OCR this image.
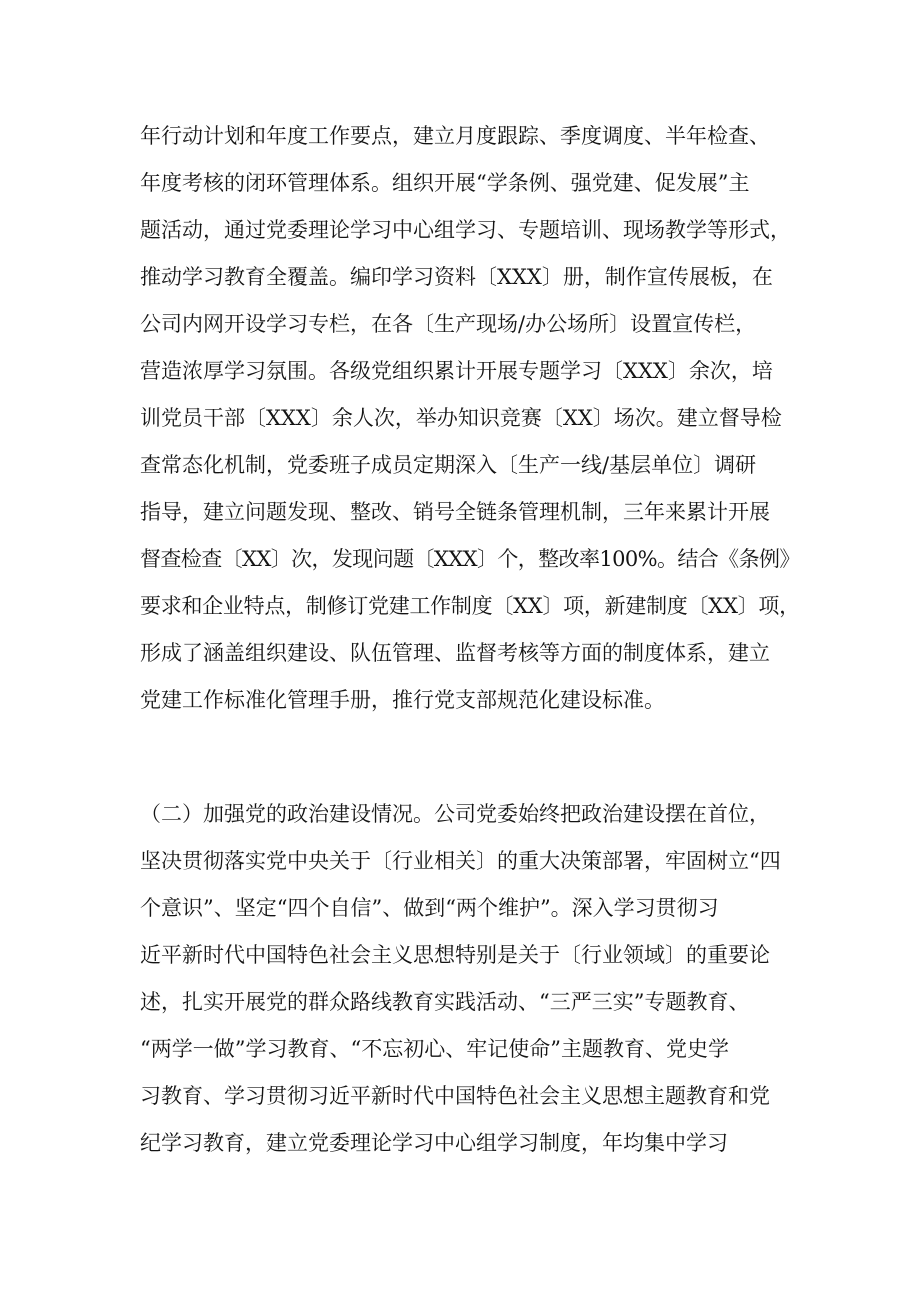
年行动计划和年度工作要点，建立月度跟踪、季度调度、半年检查、
年度考核的闭环管理体系。组织开展“学条例、强党建、促发展”主
题活动，通过党委理论学习中心组学习、专题培训、现场教学等形式，
推动学习教育全覆盖。编印学习资料〔XXX〕册，制作宣传展板，在
公司内网开设学习专栏，在各〔生产现场/办公场所〕设置宣传栏，
营造浓厚学习氛围。各级党组织累计开展专题学习〔XXX〕余次，培
训党员干部〔XXX〕余人次，举办知识竞赛〔XX〕场次。建立督导检
查常态化机制，党委班子成员定期深入〔生产一线/基层单位〕调研
指导，建立问题发现、整改、销号全链条管理机制，三年来累计开展
督查检查〔XX〕次，发现问题〔XXX〕个，整改率100%。结合《条例》
要求和企业特点，制修订党建工作制度〔XX〕项，新建制度〔XX〕项，
形成了涵盖组织建设、队伍管理、监督考核等方面的制度体系，建立
党建工作标准化管理手册，推行党支部规范化建设标准。
（二）加强党的政治建设情况。公司党委始终把政治建设摆在首位，
坚决贯彻落实党中央关于〔行业相关〕的重大决策部署，牢固树立“四
个意识”、坚定“四个自信”、做到“两个维护”。深入学习贯彻习
近平新时代中国特色社会主义思想特别是关于〔行业领域〕的重要论
述，扎实开展党的群众路线教育实践活动、“三严三实”专题教育、
“两学一做”学习教育、“不忘初心、牢记使命”主题教育、党史学
习教育、学习贯彻习近平新时代中国特色社会主义思想主题教育和党
纪学习教育，建立党委理论学习中心组学习制度，年均集中学习
